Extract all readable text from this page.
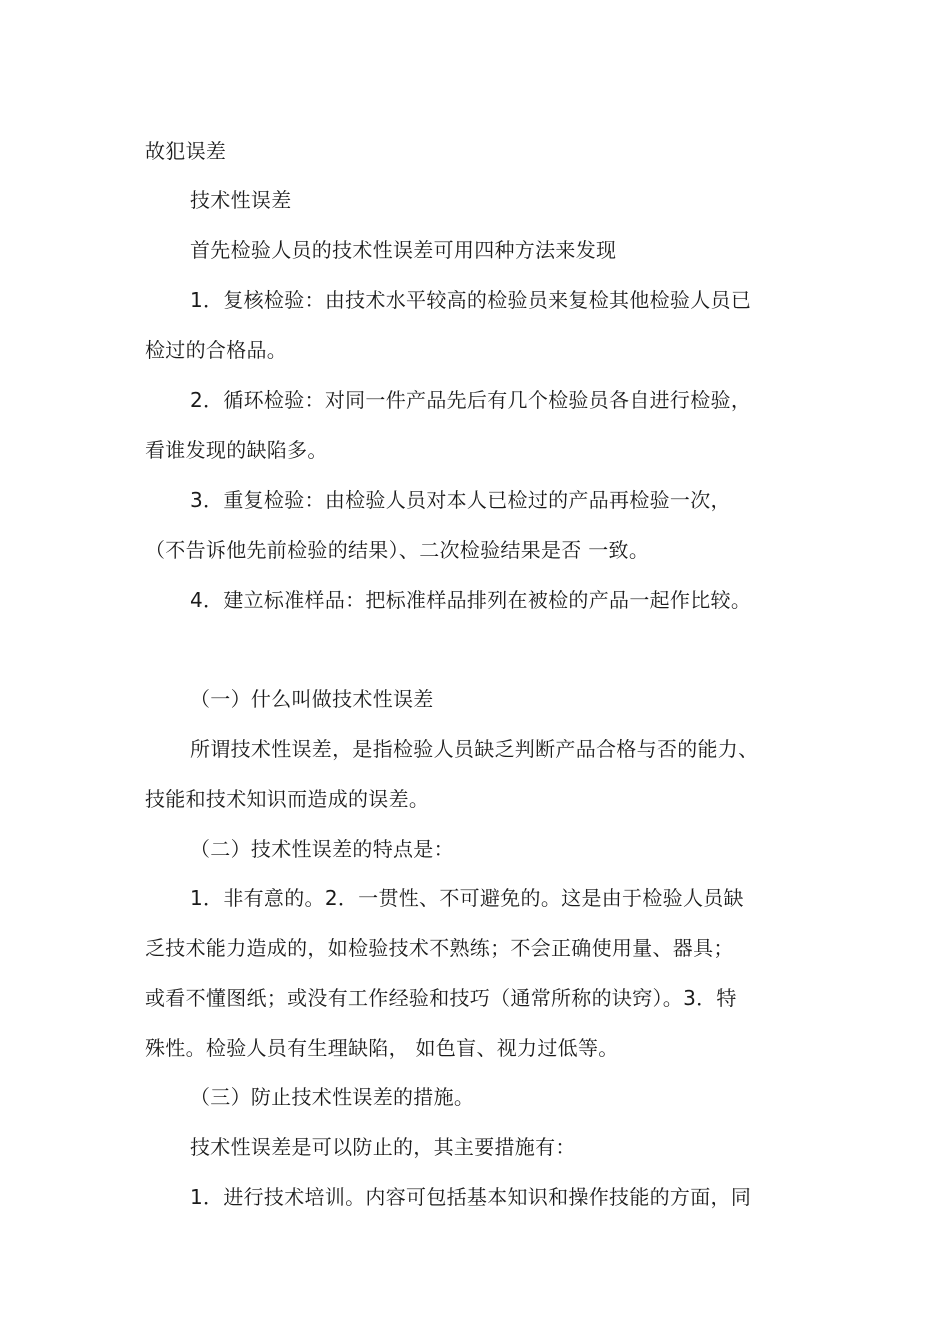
故犯误差
技术性误差
首先检验人员的技术性误差可用四种方法来发现
1．复核检验：由技术水平较高的检验员来复检其他检验人员已
检过的合格品。
2．循环检验：对同一件产品先后有几个检验员各自进行检验，
看谁发现的缺陷多。
3．重复检验：由检验人员对本人已检过的产品再检验一次，
（不告诉他先前检验的结果）、二次检验结果是否 一致。
4．建立标准样品：把标准样品排列在被检的产品一起作比较。
（一）什么叫做技术性误差
所谓技术性误差，是指检验人员缺乏判断产品合格与否的能力、
技能和技术知识而造成的误差。
（二）技术性误差的特点是：
1．非有意的。2．一贯性、不可避免的。这是由于检验人员缺
乏技术能力造成的，如检验技术不熟练；不会正确使用量、器具；
或看不懂图纸；或没有工作经验和技巧（通常所称的诀窍）。3．特
殊性。检验人员有生理缺陷， 如色盲、视力过低等。
（三）防止技术性误差的措施。
技术性误差是可以防止的，其主要措施有：
1．进行技术培训。内容可包括基本知识和操作技能的方面，同
